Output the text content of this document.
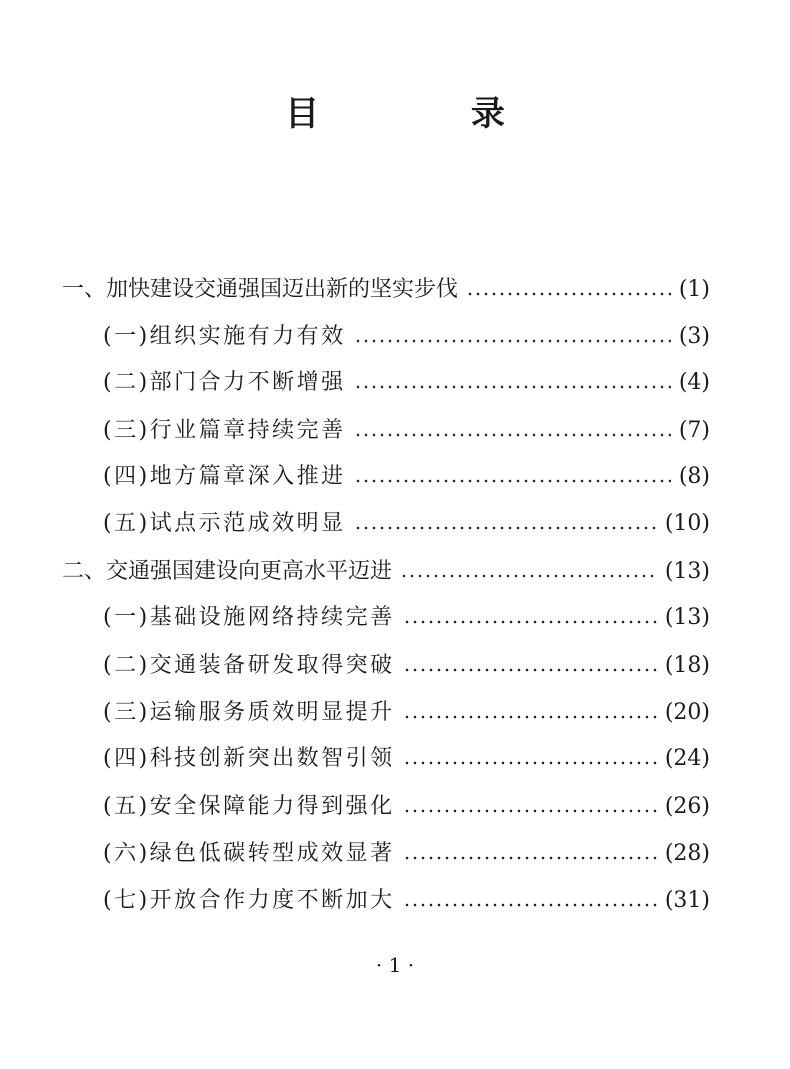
目 录
一、加快建设交通强国迈出新的坚实步伐	(1)
(一)组织实施有力有效	(3)
(二)部门合力不断增强	(4)
(三)行业篇章持续完善	(7)
(四)地方篇章深入推进	(8)
(五)试点示范成效明显	(10)
二、交通强国建设向更高水平迈进	(13)
(一)基础设施网络持续完善	(13)
(二)交通装备研发取得突破	(18)
(三)运输服务质效明显提升	(20)
(四)科技创新突出数智引领	(24)
(五)安全保障能力得到强化	(26)
(六)绿色低碳转型成效显著	(28)
(七)开放合作力度不断加大	(31)
· 1 ·
